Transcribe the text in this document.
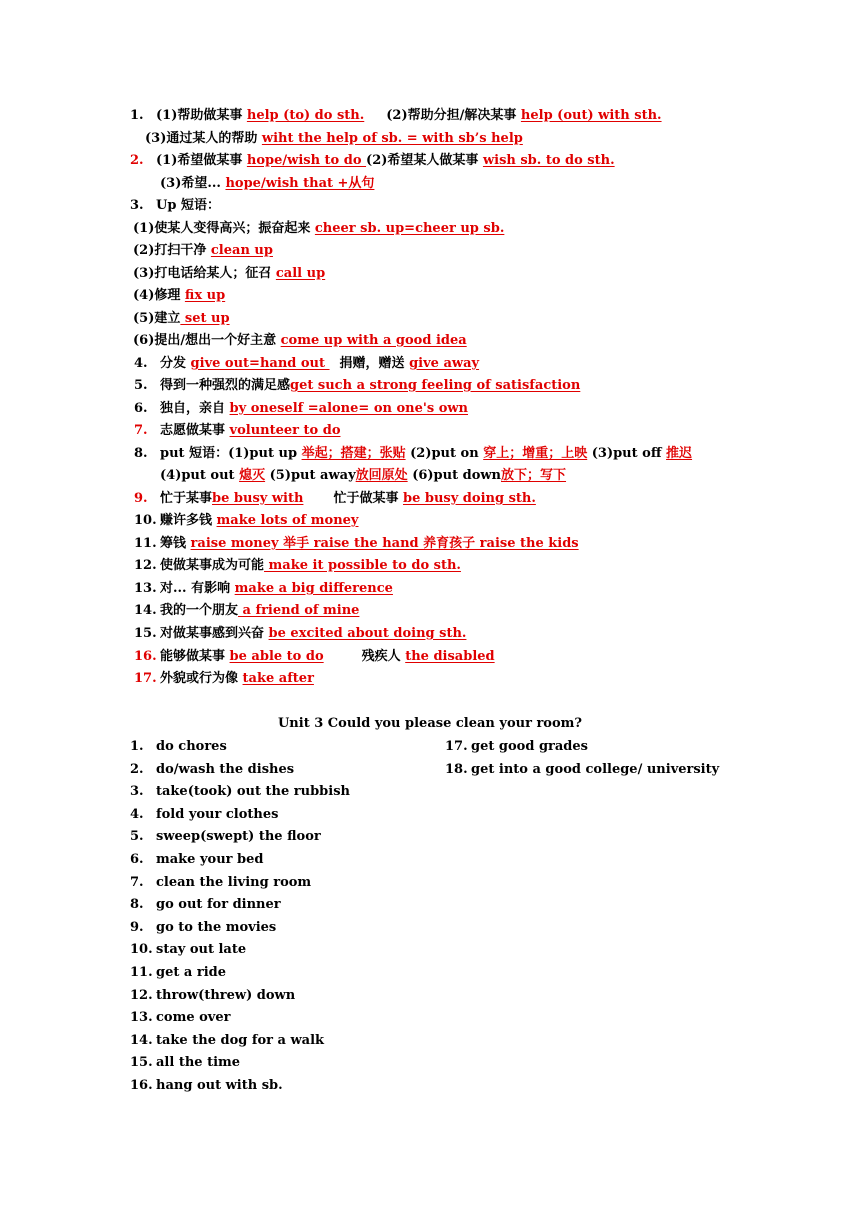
1. (1)帮助做某事 help (to) do sth. (2)帮助分担/解决某事 help (out) with sth.
(3)通过某人的帮助 wiht the help of sb. = with sb’s help
2. (1)希望做某事 hope/wish to do (2)希望某人做某事 wish sb. to do sth.
(3)希望... hope/wish that +从句
3. Up 短语：
(1)使某人变得高兴；振奋起来 cheer sb. up=cheer up sb.
(2)打扫干净 clean up
(3)打电话给某人；征召 call up
(4)修理 fix up
(5)建立 set up
(6)提出/想出一个好主意 come up with a good idea
4. 分发 give out=hand out 捐赠，赠送 give away
5. 得到一种强烈的满足感get such a strong feeling of satisfaction
6. 独自，亲自 by oneself =alone= on one's own
7. 志愿做某事 volunteer to do
8. put 短语：(1)put up 举起；搭建；张贴 (2)put on 穿上；增重；上映 (3)put off 推迟
(4)put out 熄灭 (5)put away放回原处 (6)put down放下；写下
9. 忙于某事be busy with 忙于做某事 be busy doing sth.
10. 赚许多钱 make lots of money
11. 筹钱 raise money 举手 raise the hand 养育孩子 raise the kids
12. 使做某事成为可能 make it possible to do sth.
13. 对... 有影响 make a big difference
14. 我的一个朋友 a friend of mine
15. 对做某事感到兴奋 be excited about doing sth.
16. 能够做某事 be able to do	残疾人 the disabled
17. 外貌或行为像 take after
Unit 3 Could you please clean your room?
1. do chores
2. do/wash the dishes
3. take(took) out the rubbish
4. fold your clothes
5. sweep(swept) the floor
6. make your bed
7. clean the living room
8. go out for dinner
9. go to the movies
10. stay out late
11. get a ride
12. throw(threw) down
13. come over
14. take the dog for a walk
15. all the time
16. hang out with sb.
17. get good grades
18. get into a good college/ university
